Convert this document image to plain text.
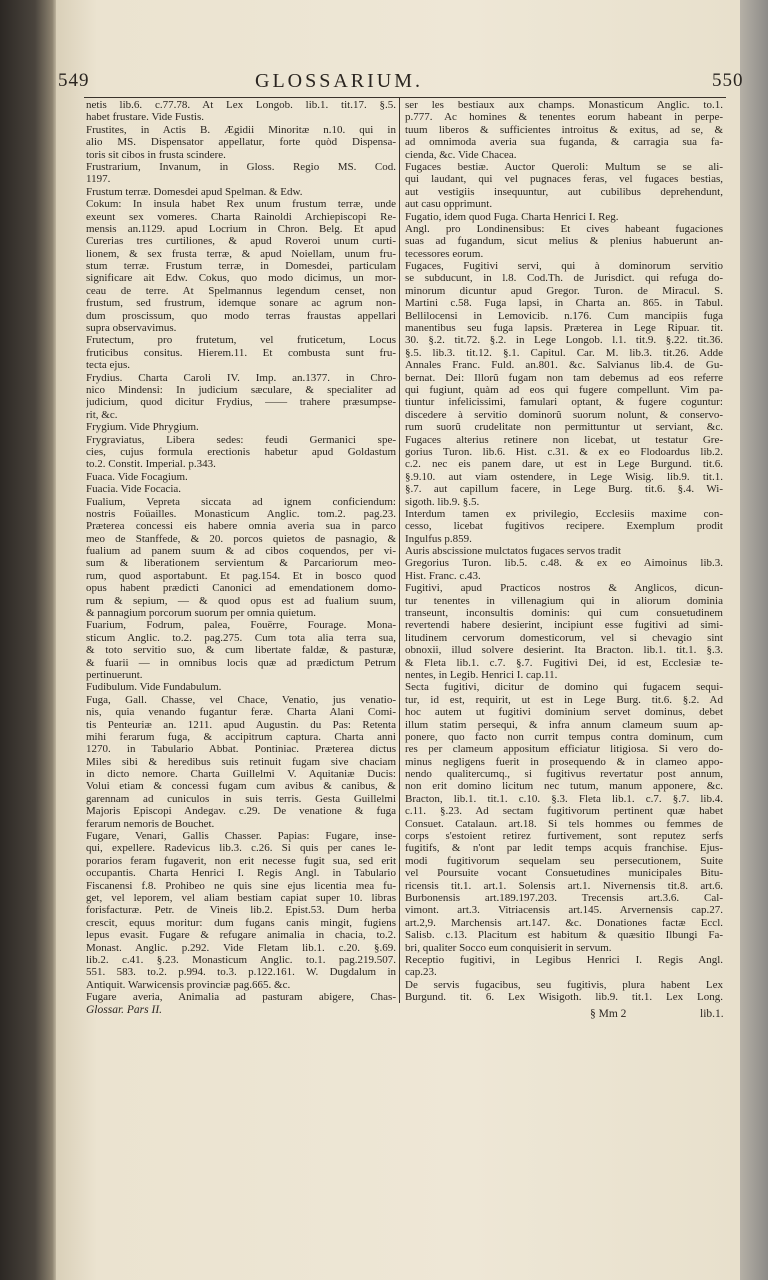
549	GLOSSARIUM.	550
netis lib.6. c.77.78. At Lex Longob. lib.1. tit.17. §.5.
habet frustare. Vide Fustis.
Frustites, in Actis B. Ægidii Minoritæ n.10. qui in
alio MS. Dispensator appellatur, forte quòd Dispensa-
toris sit cibos in frusta scindere.
Frustrarium, Invanum, in Gloss. Regio MS. Cod.
1197.
Frustum terræ. Domesdei apud Spelman. & Edw.
Cokum: In insula habet Rex unum frustum terræ, unde
exeunt sex vomeres. Charta Rainoldi Archiepiscopi Re-
mensis an.1129. apud Locrium in Chron. Belg. Et apud
Curerias tres curtiliones, & apud Roveroi unum curti-
lionem, & sex frusta terræ, & apud Noiellam, unum fru-
stum terræ. Frustum terræ, in Domesdei, particulam
significare ait Edw. Cokus, quo modo dicimus, un mor-
ceau de terre. At Spelmannus legendum censet, non
frustum, sed frustrum, idemque sonare ac agrum non-
dum proscissum, quo modo terras fraustas appellari
supra observavimus.
Frutectum, pro frutetum, vel fruticetum, Locus
fruticibus consitus. Hierem.11. Et combusta sunt fru-
tecta ejus.
Frydius. Charta Caroli IV. Imp. an.1377. in Chro-
nico Mindensi: In judicium sæculare, & specialiter ad
judicium, quod dicitur Frydius, —— trahere præsumpse-
rit, &c.
Frygium. Vide Phrygium.
Frygraviatus, Libera sedes: feudi Germanici spe-
cies, cujus formula erectionis habetur apud Goldastum
to.2. Constit. Imperial. p.343.
Fuaca. Vide Focagium.
Fuacia. Vide Focacia.
Fualium, Vepreta siccata ad ignem conficiendum:
nostris Foüailles. Monasticum Anglic. tom.2. pag.23.
Præterea concessi eis habere omnia averia sua in parco
meo de Stanffede, & 20. porcos quietos de pasnagio, &
fualium ad panem suum & ad cibos coquendos, per vi-
sum & liberationem servientum & Parcariorum meo-
rum, quod asportabunt. Et pag.154. Et in bosco quod
opus habent prædicti Canonici ad emendationem domo-
rum & sepium, — & quod opus est ad fualium suum,
& pannagium porcorum suorum per omnia quietum.
Fuarium, Fodrum, palea, Fouërre, Fourage. Mona-
sticum Anglic. to.2. pag.275. Cum tota alia terra sua,
& toto servitio suo, & cum libertate faldæ, & pasturæ,
& fuarii — in omnibus locis quæ ad prædictum Petrum
pertinuerunt.
Fudibulum. Vide Fundabulum.
Fuga, Gall. Chasse, vel Chace, Venatio, jus venatio-
nis, quia venando fugantur feræ. Charta Alani Comi-
tis Penteuriæ an. 1211. apud Augustin. du Pas: Retenta
mihi ferarum fuga, & accipitrum captura. Charta anni
1270. in Tabulario Abbat. Pontiniac. Præterea dictus
Miles sibi & heredibus suis retinuit fugam sive chaciam
in dicto nemore. Charta Guillelmi V. Aquitaniæ Ducis:
Volui etiam & concessi fugam cum avibus & canibus, &
garennam ad cuniculos in suis terris. Gesta Guillelmi
Majoris Episcopi Andegav. c.29. De venatione & fuga
ferarum nemoris de Bouchet.
Fugare, Venari, Gallis Chasser. Papias: Fugare, inse-
qui, expellere. Radevicus lib.3. c.26. Si quis per canes le-
porarios feram fugaverit, non erit necesse fugit sua, sed erit
occupantis. Charta Henrici I. Regis Angl. in Tabulario
Fiscanensi f.8. Prohibeo ne quis sine ejus licentia mea fu-
get, vel leporem, vel aliam bestiam capiat super 10. libras
forisfacturæ. Petr. de Vineis lib.2. Epist.53. Dum herba
crescit, equus moritur: dum fugans canis mingit, fugiens
lepus evasit. Fugare & refugare animalia in chacia, to.2.
Monast. Anglic. p.292. Vide Fletam lib.1. c.20. §.69.
lib.2. c.41. §.23. Monasticum Anglic. to.1. pag.219.507.
551. 583. to.2. p.994. to.3. p.122.161. W. Dugdalum in
Antiquit. Warwicensis provinciæ pag.665. &c.
Fugare averia, Animalia ad pasturam abigere, Chas-
ser les bestiaux aux champs. Monasticum Anglic. to.1.
p.777. Ac homines & tenentes eorum habeant in perpe-
tuum liberos & sufficientes introitus & exitus, ad se, &
ad omnimoda averia sua fuganda, & carragia sua fa-
cienda, &c. Vide Chacea.
Fugaces bestiæ. Auctor Queroli: Multum se se ali-
qui laudant, qui vel pugnaces feras, vel fugaces bestias,
aut vestigiis insequuntur, aut cubilibus deprehendunt,
aut casu opprimunt.
Fugatio, idem quod Fuga. Charta Henrici I. Reg.
Angl. pro Londinensibus: Et cives habeant fugaciones
suas ad fugandum, sicut melius & plenius habuerunt an-
tecessores eorum.
Fugaces, Fugitivi servi, qui à dominorum servitio
se subducunt, in l.8. Cod.Th. de Jurisdict. qui refuga do-
minorum dicuntur apud Gregor. Turon. de Miracul. S.
Martini c.58. Fuga lapsi, in Charta an. 865. in Tabul.
Bellilocensi in Lemovicib. n.176. Cum mancipiis fuga
manentibus seu fuga lapsis. Præterea in Lege Ripuar. tit.
30. §.2. tit.72. §.2. in Lege Longob. l.1. tit.9. §.22. tit.36.
§.5. lib.3. tit.12. §.1. Capitul. Car. M. lib.3. tit.26. Adde
Annales Franc. Fuld. an.801. &c. Salvianus lib.4. de Gu-
bernat. Dei: Illorũ fugam non tam debemus ad eos referre
qui fugiunt, quàm ad eos qui fugere compellunt. Vim pa-
tiuntur infelicissimi, famulari optant, & fugere coguntur:
discedere à servitio dominorũ suorum nolunt, & conservo-
rum suorũ crudelitate non permittuntur ut serviant, &c.
Fugaces alterius retinere non licebat, ut testatur Gre-
gorius Turon. lib.6. Hist. c.31. & ex eo Flodoardus lib.2.
c.2. nec eis panem dare, ut est in Lege Burgund. tit.6.
§.9.10. aut viam ostendere, in Lege Wisig. lib.9. tit.1.
§.7. aut capillum facere, in Lege Burg. tit.6. §.4. Wi-
sigoth. lib.9. §.5.
Interdum tamen ex privilegio, Ecclesiis maxime con-
cesso, licebat fugitivos recipere. Exemplum prodit
Ingulfus p.859.
Auris abscissione mulctatos fugaces servos tradit
Gregorius Turon. lib.5. c.48. & ex eo Aimoinus lib.3.
Hist. Franc. c.43.
Fugitivi, apud Practicos nostros & Anglicos, dicun-
tur tenentes in villenagium qui in aliorum dominia
transeunt, inconsultis dominis: qui cum consuetudinem
revertendi habere desierint, incipiunt esse fugitivi ad simi-
litudinem cervorum domesticorum, vel si chevagio sint
obnoxii, illud solvere desierint. Ita Bracton. lib.1. tit.1. §.3.
& Fleta lib.1. c.7. §.7. Fugitivi Dei, id est, Ecclesiæ te-
nentes, in Legib. Henrici I. cap.11.
Secta fugitivi, dicitur de domino qui fugacem sequi-
tur, id est, requirit, ut est in Lege Burg. tit.6. §.2. Ad
hoc autem ut fugitivi dominium servet dominus, debet
illum statim persequi, & infra annum clameum suum ap-
ponere, quo facto non currit tempus contra dominum, cum
res per clameum appositum efficiatur litigiosa. Si vero do-
minus negligens fuerit in prosequendo & in clameo appo-
nendo qualitercumq., si fugitivus revertatur post annum,
non erit domino licitum nec tutum, manum apponere, &c.
Bracton, lib.1. tit.1. c.10. §.3. Fleta lib.1. c.7. §.7. lib.4.
c.11. §.23. Ad sectam fugitivorum pertinent quæ habet
Consuet. Catalaun. art.18. Si tels hommes ou femmes de
corps s'estoient retirez furtivement, sont reputez serfs
fugitifs, & n'ont par ledit temps acquis franchise. Ejus-
modi fugitivorum sequelam seu persecutionem, Suite
vel Poursuite vocant Consuetudines municipales Bitu-
ricensis tit.1. art.1. Solensis art.1. Nivernensis tit.8. art.6.
Burbonensis art.189.197.203. Trecensis art.3.6. Cal-
vimont. art.3. Vitriacensis art.145. Arvernensis cap.27.
art.2,9. Marchensis art.147. &c. Donationes factæ Eccl.
Salisb. c.13. Placitum est habitum & quæsitio Ilbungi Fa-
bri, qualiter Socco eum conquisierit in servum.
Receptio fugitivi, in Legibus Henrici I. Regis Angl.
cap.23.
De servis fugacibus, seu fugitivis, plura habent Lex
Burgund. tit. 6. Lex Wisigoth. lib.9. tit.1. Lex Long.
Glossar. Pars II.	§ Mm 2	lib.1.
